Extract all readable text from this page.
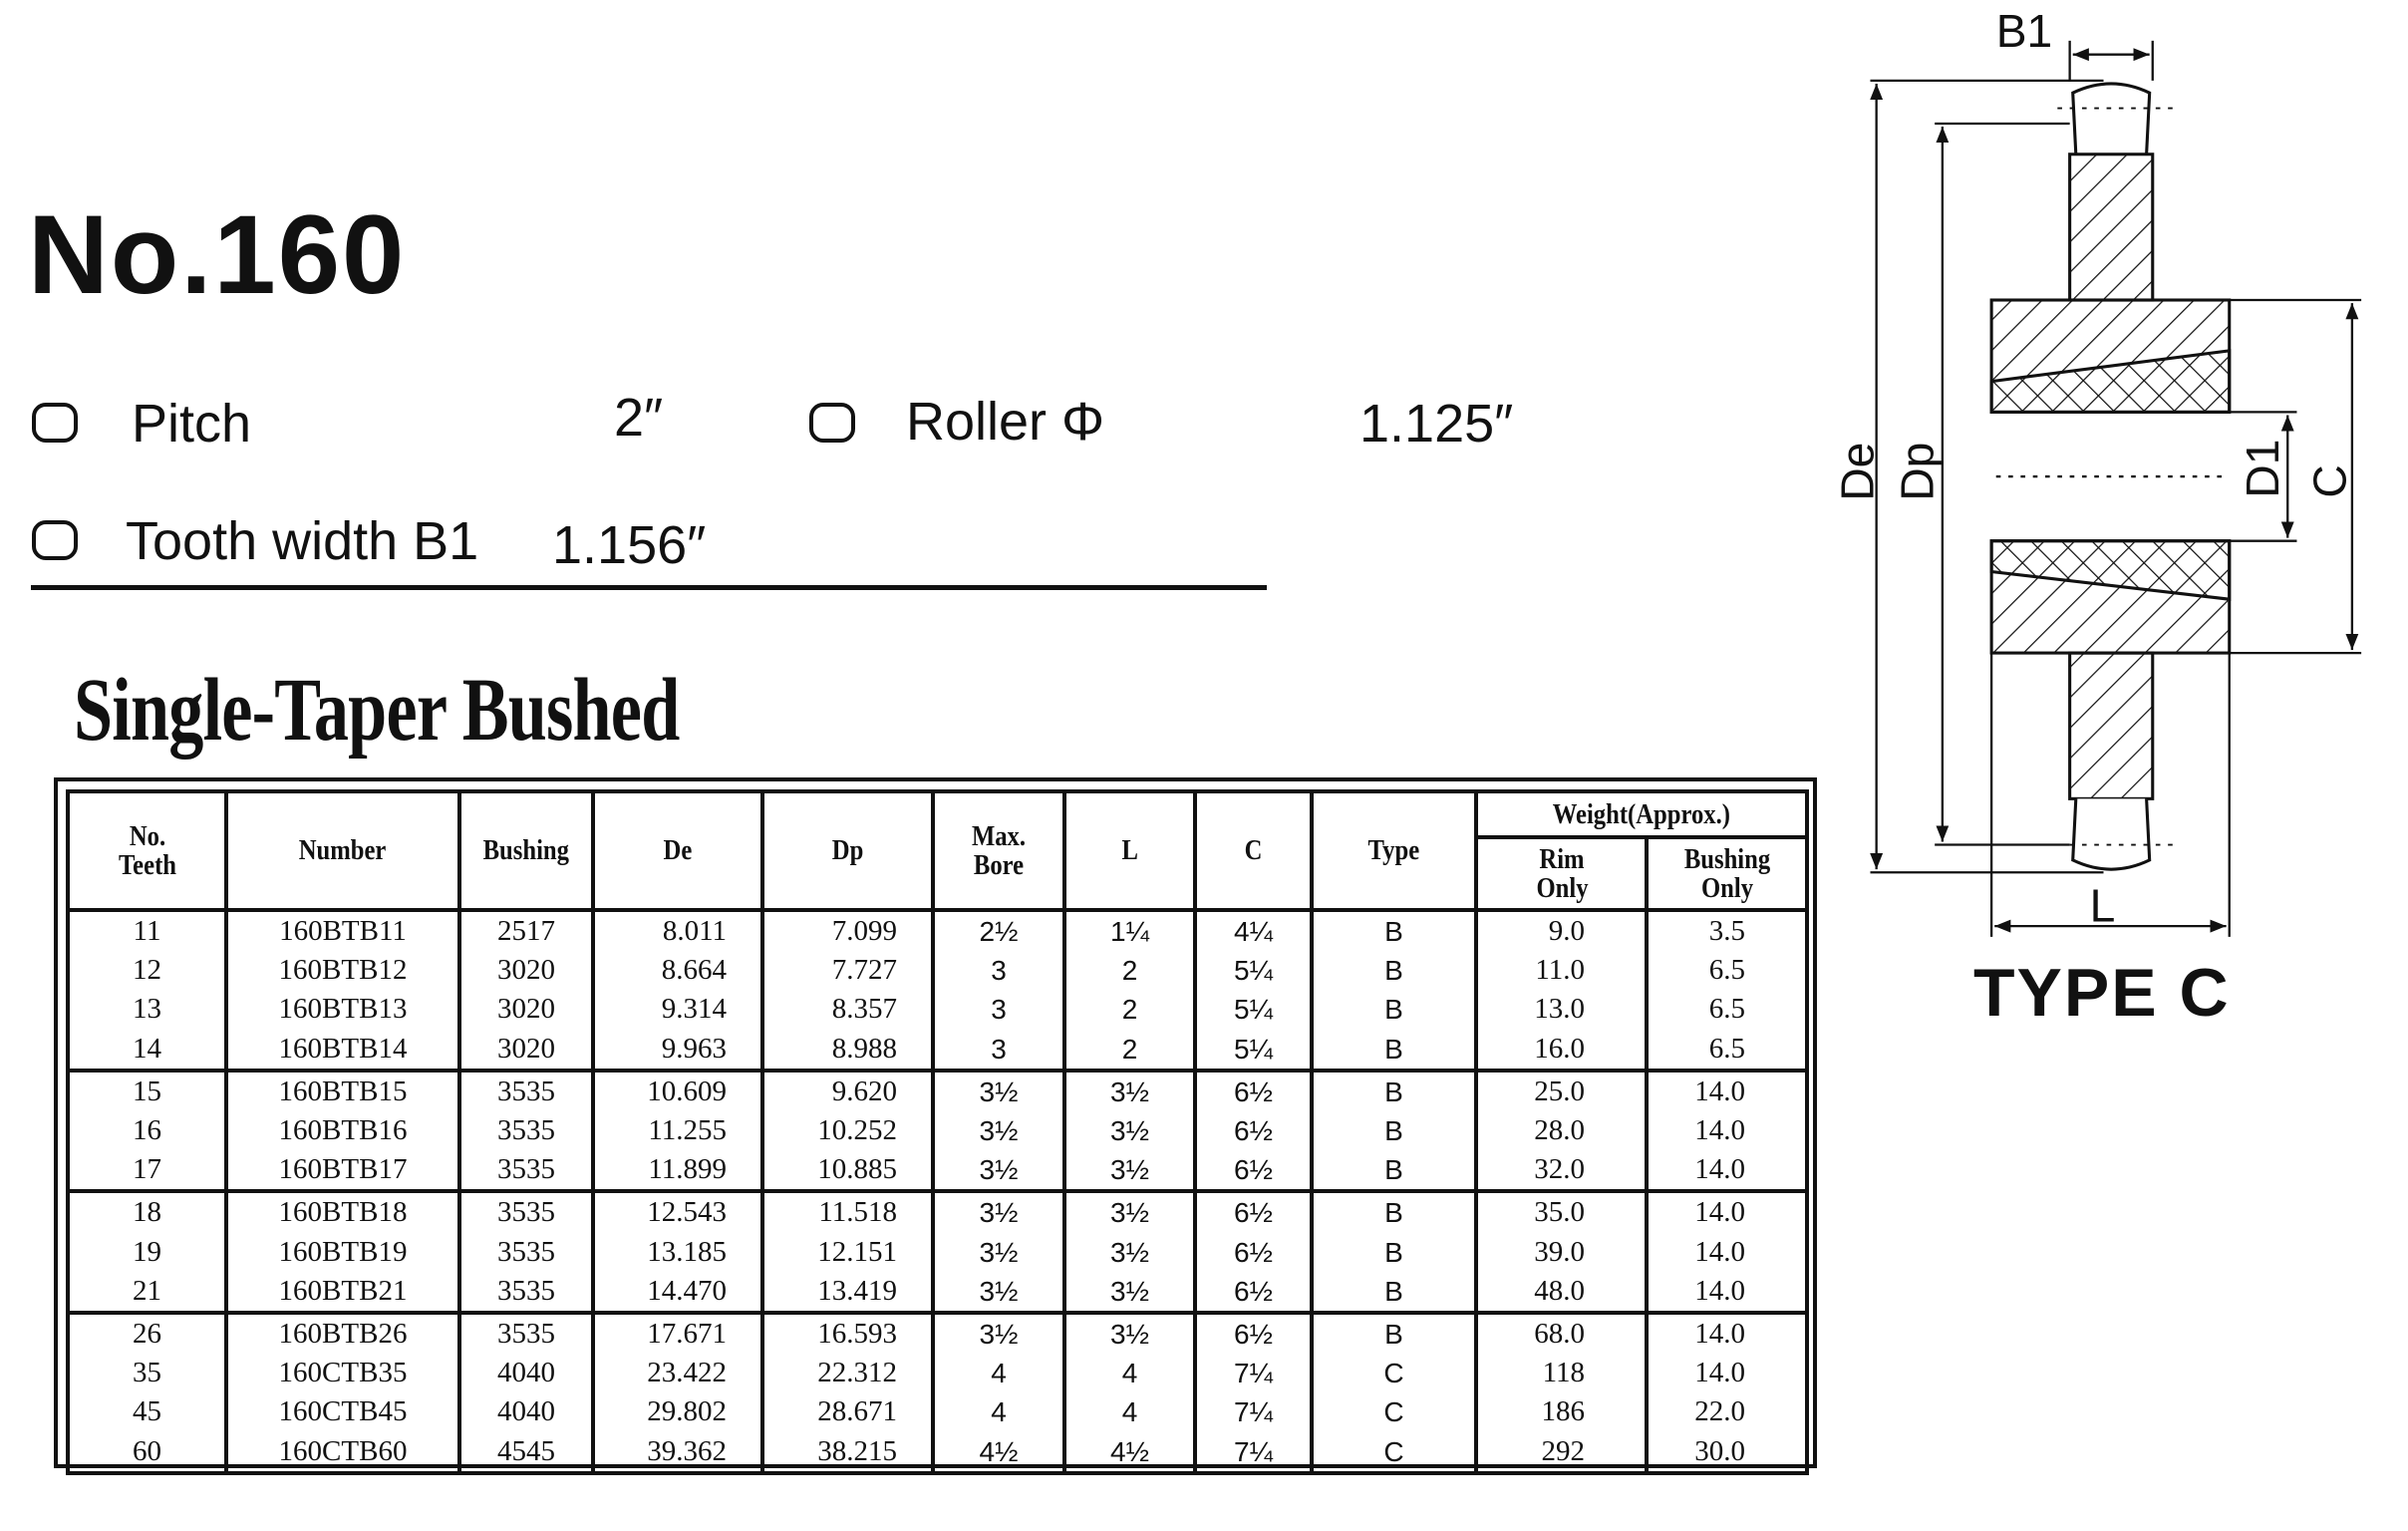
No.160
Pitch	2″	Roller Φ	1.125″
Tooth width B1 1.156″
Single-Taper Bushed
No. Teeth	Number	Bushing	De	Dp	Max. Bore	L	C	Type	Weight(Approx.)	
									Rim Only	Bushing Only
11	160BTB11	2517	8.011	7.099	2½	1¼	4¼	B	9.0	3.5
12	160BTB12	3020	8.664	7.727	3	2	5¼	B	11.0	6.5
13	160BTB13	3020	9.314	8.357	3	2	5¼	B	13.0	6.5
14	160BTB14	3020	9.963	8.988	3	2	5¼	B	16.0	6.5
15	160BTB15	3535	10.609	9.620	3½	3½	6½	B	25.0	14.0
16	160BTB16	3535	11.255	10.252	3½	3½	6½	B	28.0	14.0
17	160BTB17	3535	11.899	10.885	3½	3½	6½	B	32.0	14.0
18	160BTB18	3535	12.543	11.518	3½	3½	6½	B	35.0	14.0
19	160BTB19	3535	13.185	12.151	3½	3½	6½	B	39.0	14.0
21	160BTB21	3535	14.470	13.419	3½	3½	6½	B	48.0	14.0
26	160BTB26	3535	17.671	16.593	3½	3½	6½	B	68.0	14.0
35	160CTB35	4040	23.422	22.312	4	4	7¼	C	118	14.0
45	160CTB45	4040	29.802	28.671	4	4	7¼	C	186	22.0
60	160CTB60	4545	39.362	38.215	4½	4½	7¼	C	292	30.0
B1
De Dp	D1 C
L
TYPE C
